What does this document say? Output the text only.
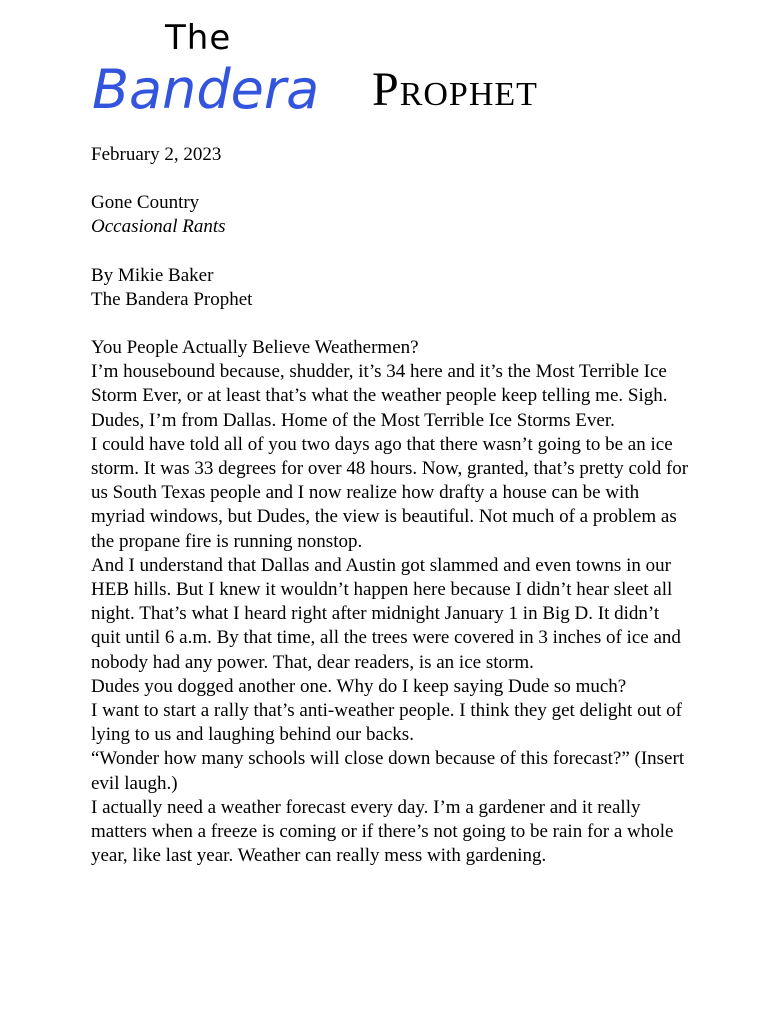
The
Bandera Prophet
February 2, 2023
Gone Country
Occasional Rants
By Mikie Baker
The Bandera Prophet
You People Actually Believe Weathermen?
I’m housebound because, shudder, it’s 34 here and it’s the Most Terrible Ice Storm Ever, or at least that’s what the weather people keep telling me. Sigh. Dudes, I’m from Dallas. Home of the Most Terrible Ice Storms Ever.
I could have told all of you two days ago that there wasn’t going to be an ice storm. It was 33 degrees for over 48 hours. Now, granted, that’s pretty cold for us South Texas people and I now realize how drafty a house can be with myriad windows, but Dudes, the view is beautiful. Not much of a problem as the propane fire is running nonstop.
And I understand that Dallas and Austin got slammed and even towns in our HEB hills. But I knew it wouldn’t happen here because I didn’t hear sleet all night. That’s what I heard right after midnight January 1 in Big D. It didn’t quit until 6 a.m. By that time, all the trees were covered in 3 inches of ice and nobody had any power. That, dear readers, is an ice storm.
Dudes you dogged another one. Why do I keep saying Dude so much?
I want to start a rally that’s anti-weather people. I think they get delight out of lying to us and laughing behind our backs.
“Wonder how many schools will close down because of this forecast?” (Insert evil laugh.)
I actually need a weather forecast every day. I’m a gardener and it really matters when a freeze is coming or if there’s not going to be rain for a whole year, like last year. Weather can really mess with gardening.
